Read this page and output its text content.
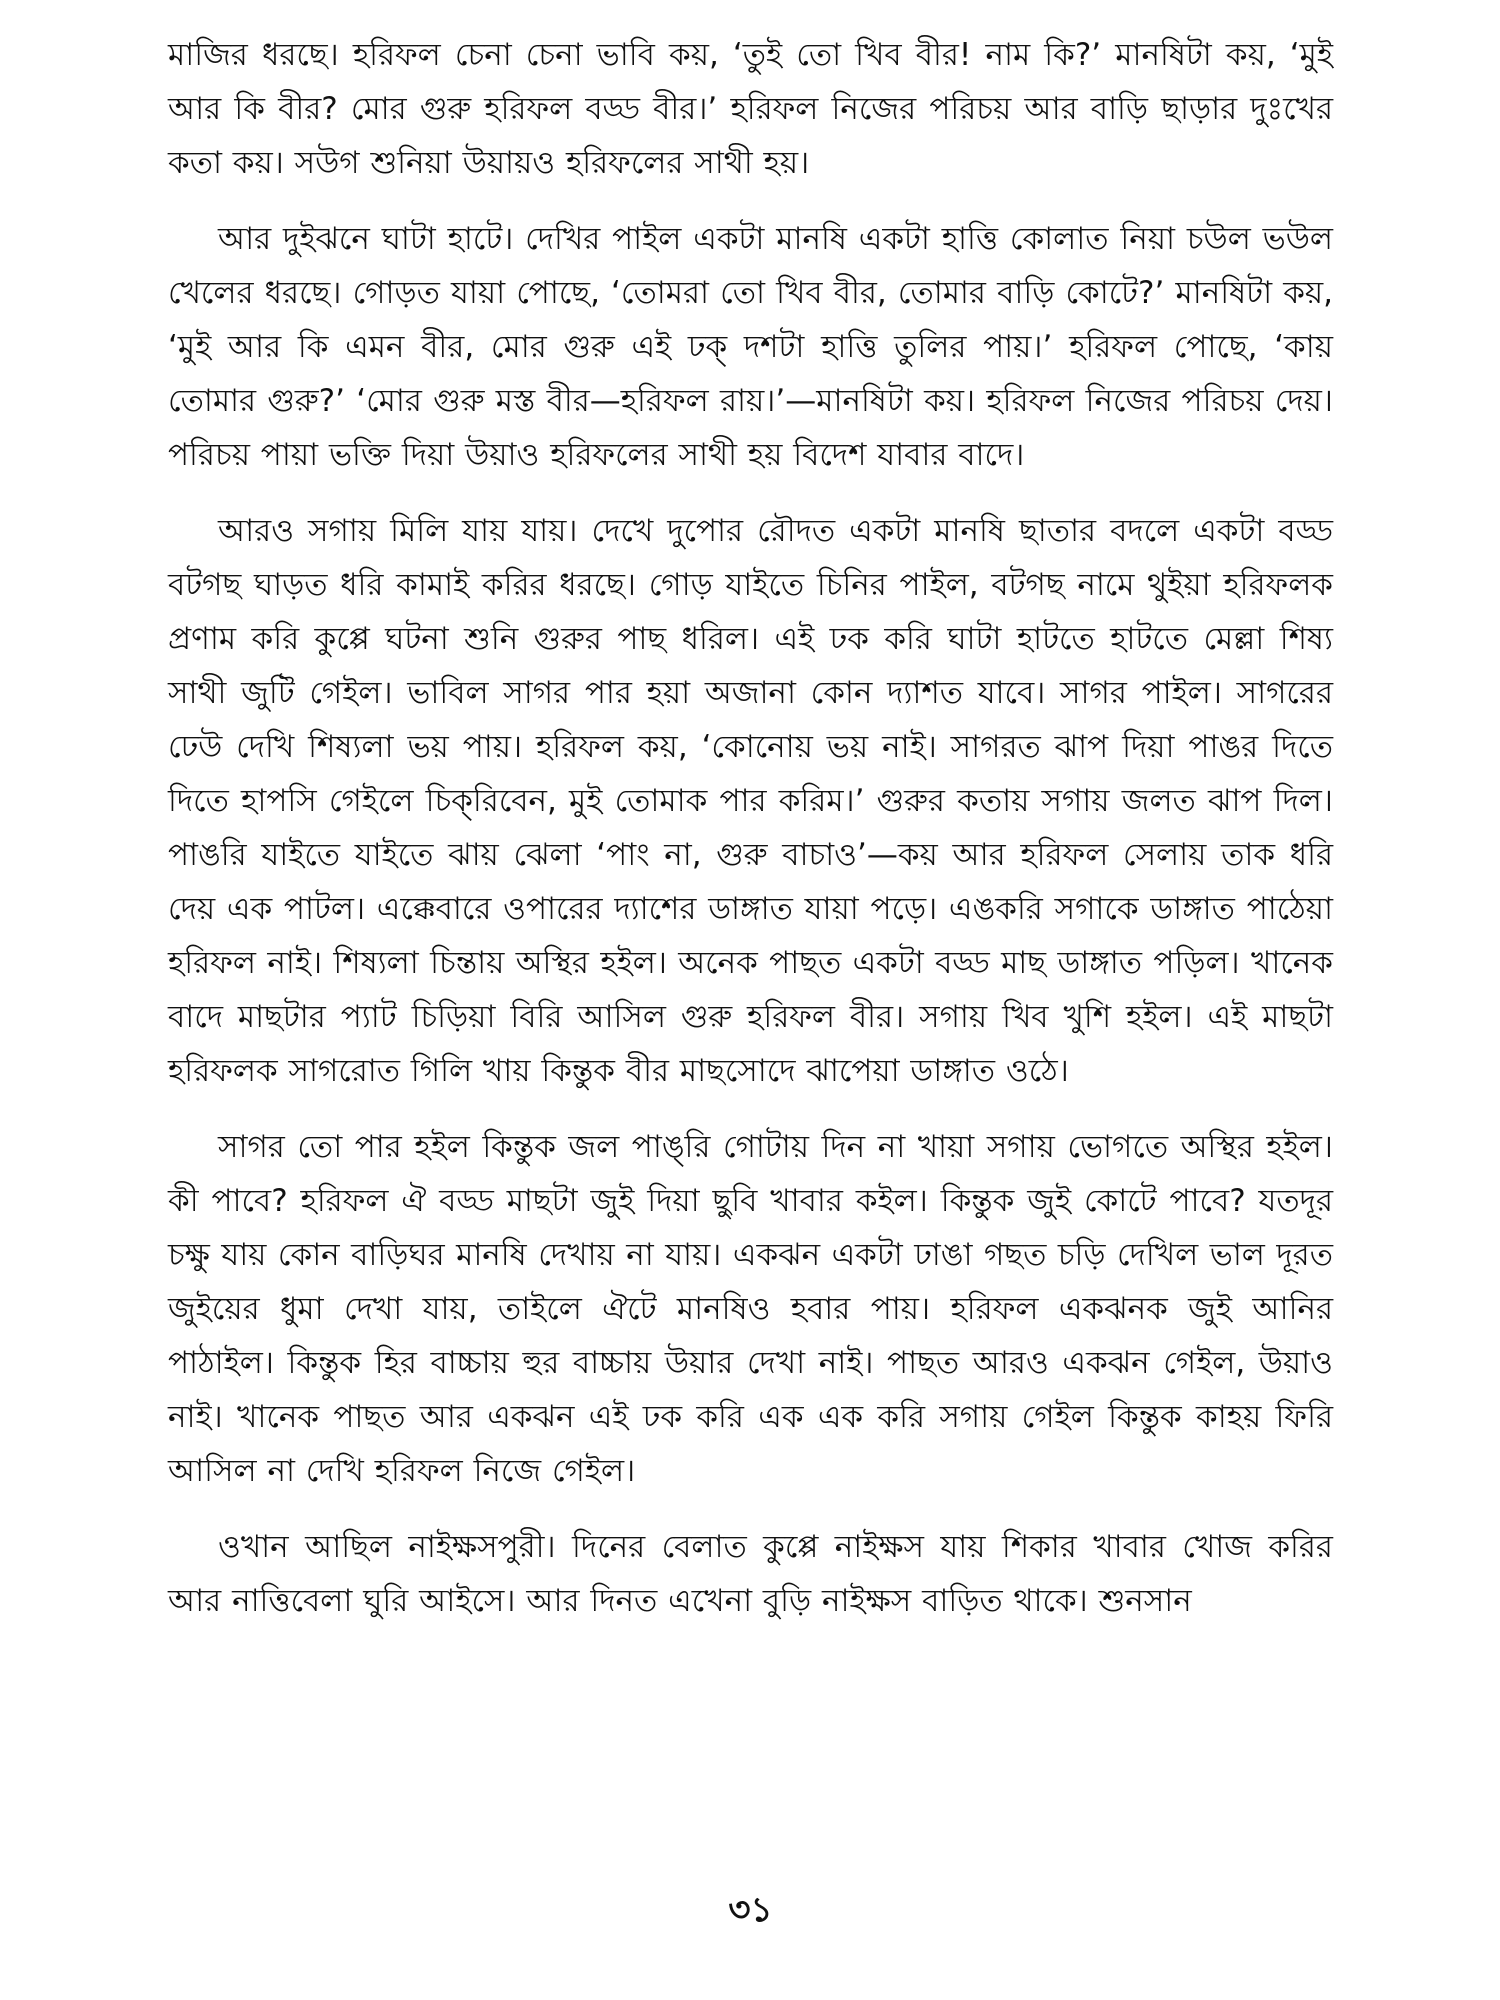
মাজির ধরছে। হরিফল চেনা চেনা ভাবি কয়, ‘তুই তো খিব বীর! নাম কি?’ মানষিটা কয়, ‘মুই আর কি বীর? মোর গুরু হরিফল বড্ড বীর।’ হরিফল নিজের পরিচয় আর বাড়ি ছাড়ার দুঃখের কতা কয়। সউগ শুনিয়া উয়ায়ও হরিফলের সাথী হয়।

আর দুইঝনে ঘাটা হাটে। দেখির পাইল একটা মানষি একটা হাত্তি কোলাত নিয়া চউল ভউল খেলের ধরছে। গোড়ত যায়া পোছে, ‘তোমরা তো খিব বীর, তোমার বাড়ি কোটে?’ মানষিটা কয়, ‘মুই আর কি এমন বীর, মোর গুরু এই ঢক্ দশটা হাত্তি তুলির পায়।’ হরিফল পোছে, ‘কায় তোমার গুরু?’ ‘মোর গুরু মস্ত বীর—হরিফল রায়।’—মানষিটা কয়। হরিফল নিজের পরিচয় দেয়। পরিচয় পায়া ভক্তি দিয়া উয়াও হরিফলের সাথী হয় বিদেশ যাবার বাদে।

আরও সগায় মিলি যায় যায়। দেখে দুপোর রৌদত একটা মানষি ছাতার বদলে একটা বড্ড বটগছ ঘাড়ত ধরি কামাই করির ধরছে। গোড় যাইতে চিনির পাইল, বটগছ নামে থুইয়া হরিফলক প্রণাম করি কুপ্পে ঘটনা শুনি গুরুর পাছ ধরিল। এই ঢক করি ঘাটা হাটতে হাটতে মেল্লা শিষ্য সাথী জুটি গেইল। ভাবিল সাগর পার হয়া অজানা কোন দ্যাশত যাবে। সাগর পাইল। সাগরের ঢেউ দেখি শিষ্যলা ভয় পায়। হরিফল কয়, ‘কোনোয় ভয় নাই। সাগরত ঝাপ দিয়া পাঙর দিতে দিতে হাপসি গেইলে চিক্‌রিবেন, মুই তোমাক পার করিম।’ গুরুর কতায় সগায় জলত ঝাপ দিল। পাঙরি যাইতে যাইতে ঝায় ঝেলা ‘পাং না, গুরু বাচাও’—কয় আর হরিফল সেলায় তাক ধরি দেয় এক পাটল। এক্কেবারে ওপারের দ্যাশের ডাঙ্গাত যায়া পড়ে। এঙকরি সগাকে ডাঙ্গাত পাঠেয়া হরিফল নাই। শিষ্যলা চিন্তায় অস্থির হইল। অনেক পাছত একটা বড্ড মাছ ডাঙ্গাত পড়িল। খানেক বাদে মাছটার প্যাট চিড়িয়া বিরি আসিল গুরু হরিফল বীর। সগায় খিব খুশি হইল। এই মাছটা হরিফলক সাগরোত গিলি খায় কিন্তুক বীর মাছসোদে ঝাপেয়া ডাঙ্গাত ওঠে।

সাগর তো পার হইল কিন্তুক জল পাঙ্‌রি গোটায় দিন না খায়া সগায় ভোগতে অস্থির হইল। কী পাবে? হরিফল ঐ বড্ড মাছটা জুই দিয়া ছুবি খাবার কইল। কিন্তুক জুই কোটে পাবে? যতদূর চক্ষু যায় কোন বাড়িঘর মানষি দেখায় না যায়। একঝন একটা ঢাঙা গছত চড়ি দেখিল ভাল দূরত জুইয়ের ধুমা দেখা যায়, তাইলে ঐটে মানষিও হবার পায়। হরিফল একঝনক জুই আনির পাঠাইল। কিন্তুক হির বাচ্চায় হুর বাচ্চায় উয়ার দেখা নাই। পাছত আরও একঝন গেইল, উয়াও নাই। খানেক পাছত আর একঝন এই ঢক করি এক এক করি সগায় গেইল কিন্তুক কাহয় ফিরি আসিল না দেখি হরিফল নিজে গেইল।

ওখান আছিল নাইক্ষসপুরী। দিনের বেলাত কুপ্পে নাইক্ষস যায় শিকার খাবার খোজ করির আর নাত্তিবেলা ঘুরি আইসে। আর দিনত এখেনা বুড়ি নাইক্ষস বাড়িত থাকে। শুনসান

৩১
